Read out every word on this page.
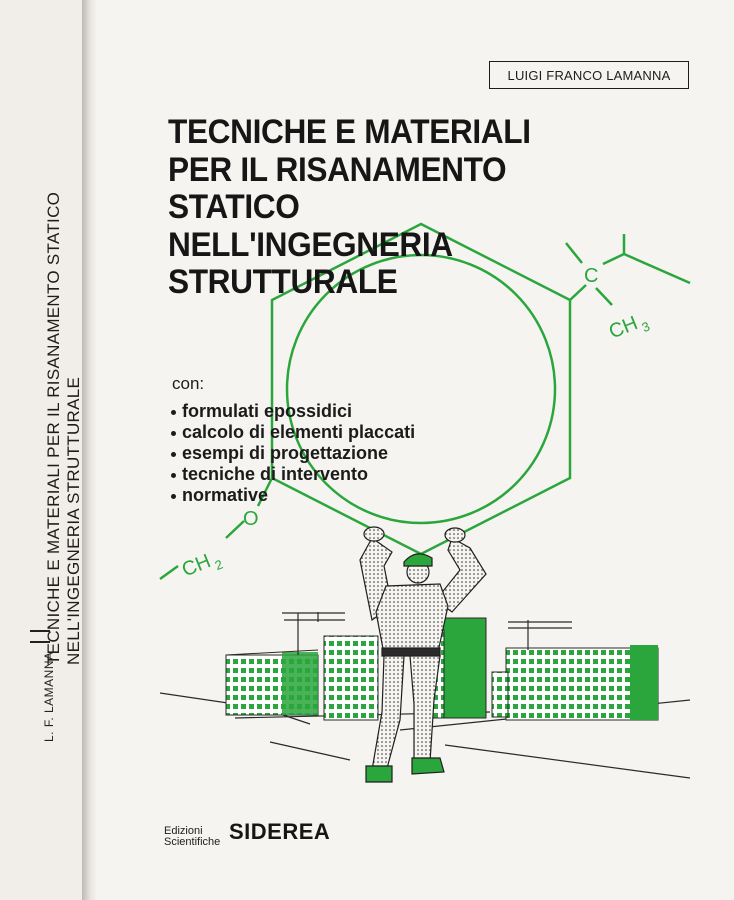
TECNICHE E MATERIALI PER IL RISANAMENTO STATICO NELL'INGEGNERIA STRUTTURALE
L. F. LAMANNA
LUIGI FRANCO LAMANNA
C
CH
3
CH
2
O
TECNICHE E MATERIALI
PER IL RISANAMENTO
STATICO
NELL'INGEGNERIA
STRUTTURALE
con:
formulati epossidici
calcolo di elementi placcati
esempi di progettazione
tecniche di intervento
normative
Edizioni
Scientifiche SIDEREA
